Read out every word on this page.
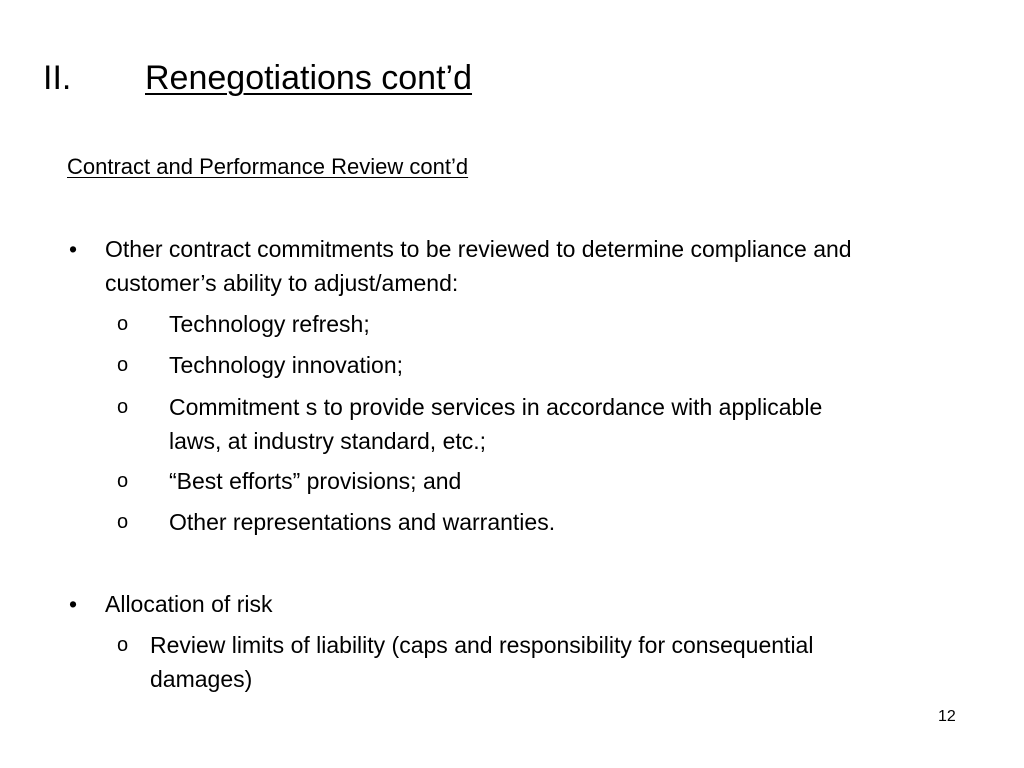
II. Renegotiations cont’d
Contract and Performance Review cont’d
• Other contract commitments to be reviewed to determine compliance and customer’s ability to adjust/amend:
o Technology refresh;
o Technology innovation;
o Commitment s to provide services in accordance with applicable laws, at industry standard, etc.;
o “Best efforts” provisions; and
o Other representations and warranties.
• Allocation of risk
o Review limits of liability (caps and responsibility for consequential damages)
12
